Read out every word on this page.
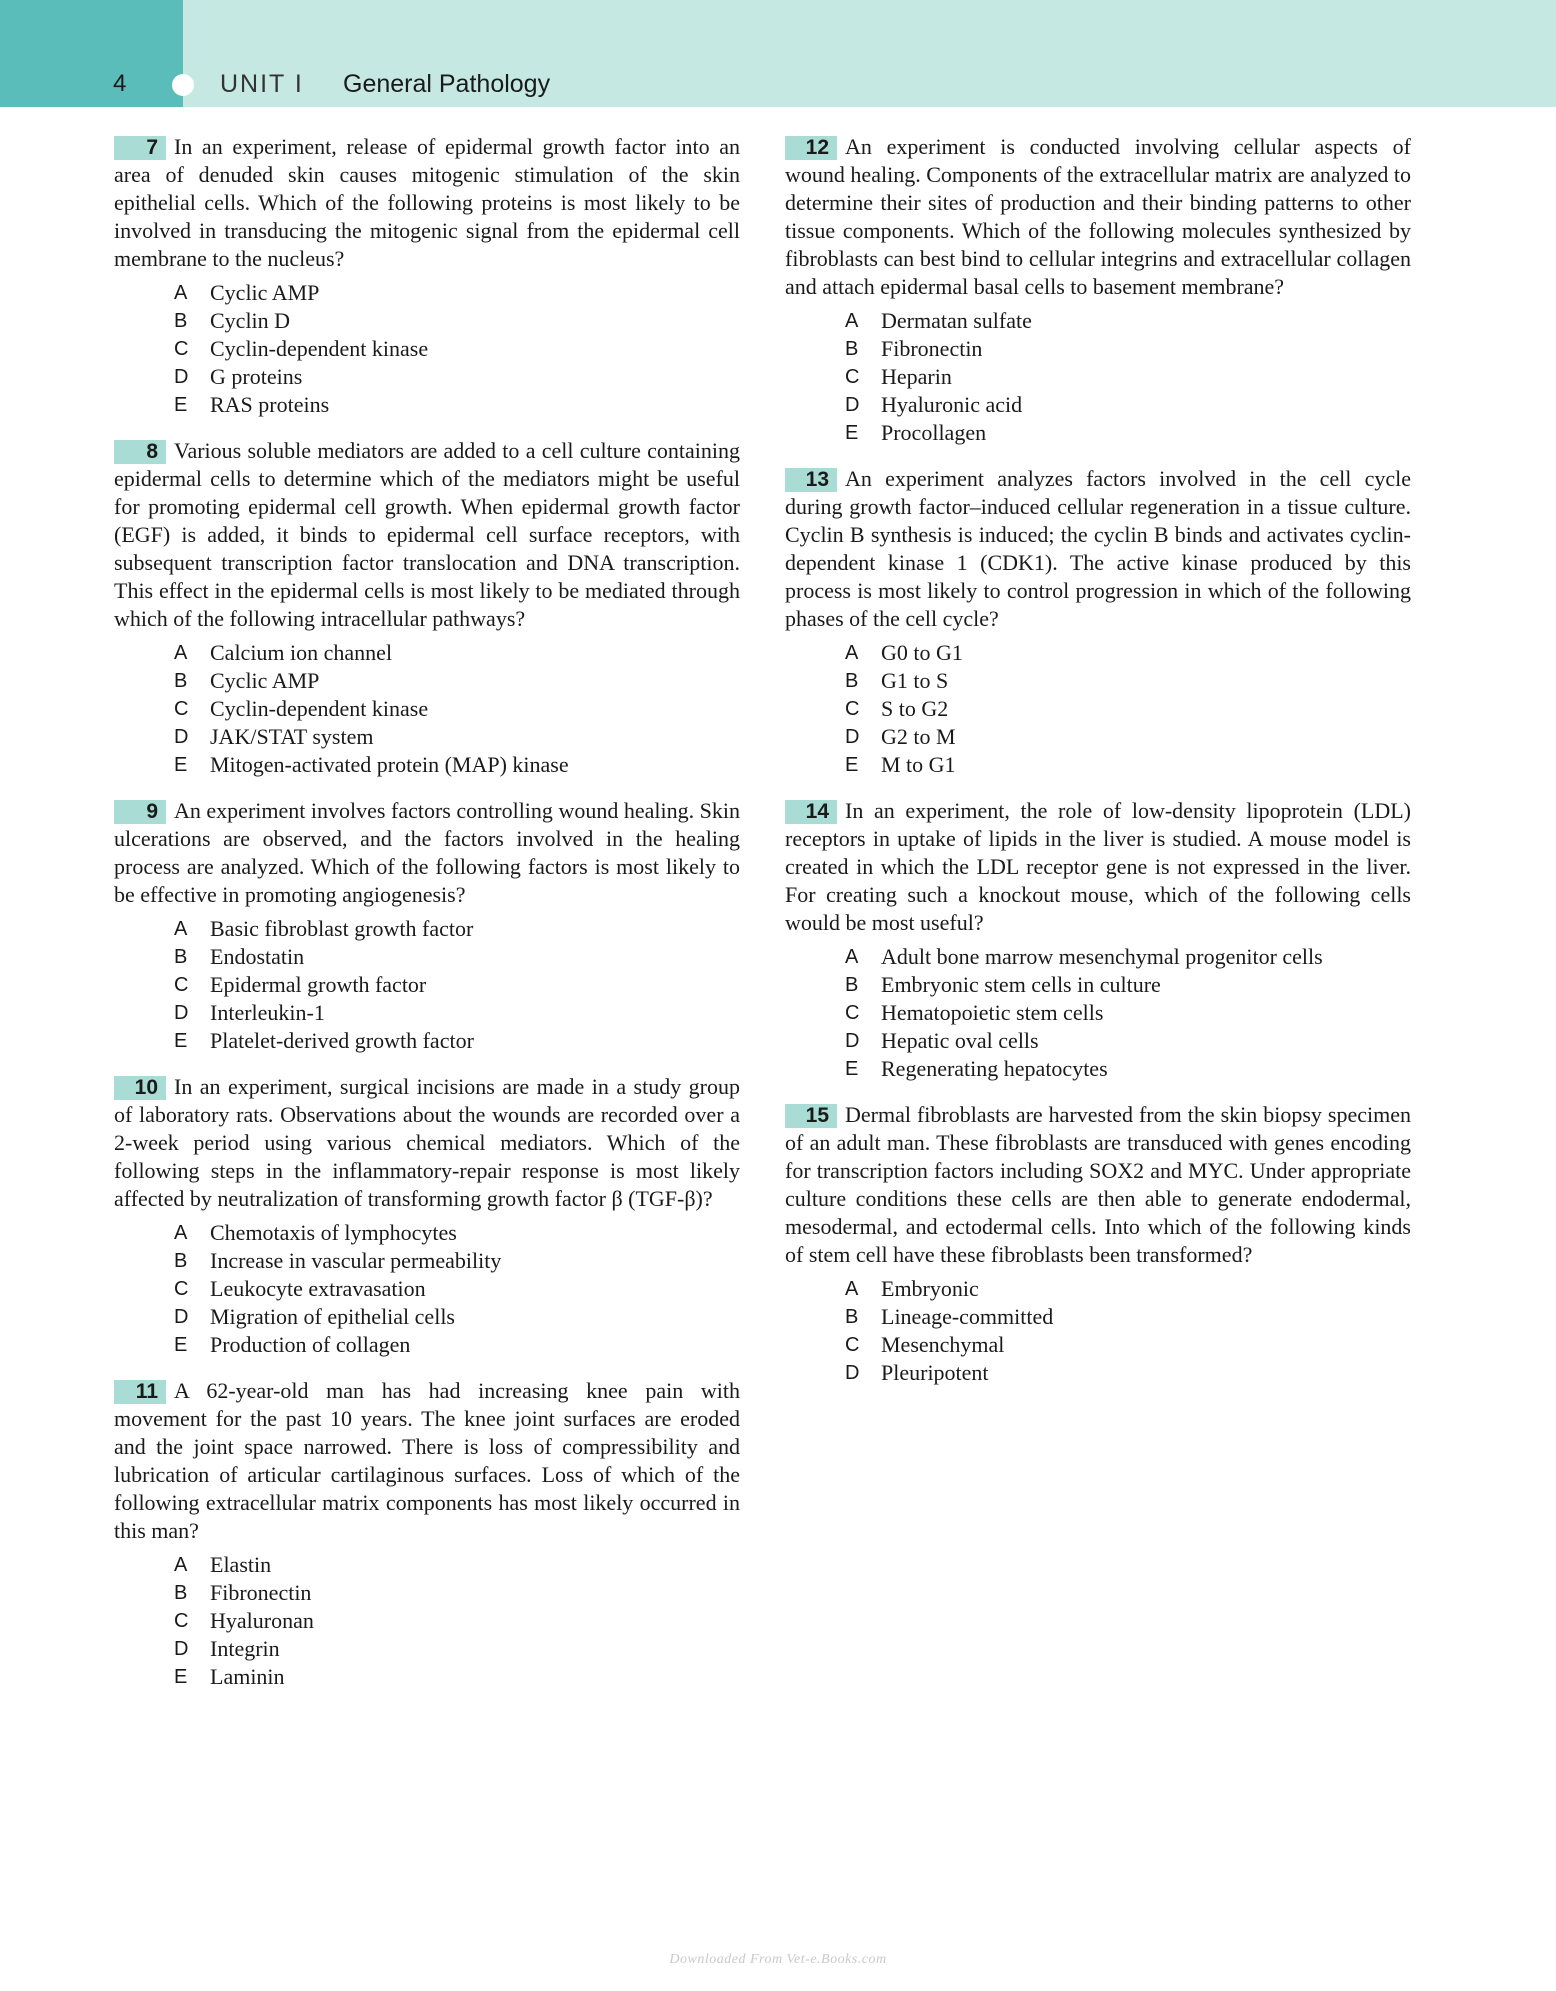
4	UNIT I General Pathology

7 In an experiment, release of epidermal growth factor into an area of denuded skin causes mitogenic stimulation of the skin epithelial cells. Which of the following proteins is most likely to be involved in transducing the mitogenic signal from the epidermal cell membrane to the nucleus?

A	Cyclic AMP
B	Cyclin D
C Cyclin-dependent kinase
D G proteins
E	RAS proteins

8 Various soluble mediators are added to a cell culture containing epidermal cells to determine which of the mediators might be useful for promoting epidermal cell growth. When epidermal growth factor (EGF) is added, it binds to epidermal cell surface receptors, with subsequent transcription factor translocation and DNA transcription. This effect in the epidermal cells is most likely to be mediated through which of the following intracellular pathways?

A	Calcium ion channel
B	Cyclic AMP
C Cyclin-dependent kinase
D JAK/STAT system
E	Mitogen-activated protein (MAP) kinase

9 An experiment involves factors controlling wound healing. Skin ulcerations are observed, and the factors involved in the healing process are analyzed. Which of the following factors is most likely to be effective in promoting angiogenesis?

A	Basic fibroblast growth factor
B	Endostatin
C Epidermal growth factor
D Interleukin-1
E	Platelet-derived growth factor

10 In an experiment, surgical incisions are made in a study group of laboratory rats. Observations about the wounds are recorded over a 2-week period using various chemical mediators. Which of the following steps in the inflammatory-repair response is most likely affected by neutralization of transforming growth factor β (TGF-β)?

A	Chemotaxis of lymphocytes
B	Increase in vascular permeability
C Leukocyte extravasation
D Migration of epithelial cells
E	Production of collagen

11 A 62-year-old man has had increasing knee pain with movement for the past 10 years. The knee joint surfaces are eroded and the joint space narrowed. There is loss of compressibility and lubrication of articular cartilaginous surfaces. Loss of which of the following extracellular matrix components has most likely occurred in this man?

A	Elastin
B	Fibronectin
C Hyaluronan
D Integrin
E	Laminin

12 An experiment is conducted involving cellular aspects of wound healing. Components of the extracellular matrix are analyzed to determine their sites of production and their binding patterns to other tissue components. Which of the following molecules synthesized by fibroblasts can best bind to cellular integrins and extracellular collagen and attach epidermal basal cells to basement membrane?

A	Dermatan sulfate
B	Fibronectin
C Heparin
D Hyaluronic acid
E	Procollagen

13 An experiment analyzes factors involved in the cell cycle during growth factor–induced cellular regeneration in a tissue culture. Cyclin B synthesis is induced; the cyclin B binds and activates cyclin-dependent kinase 1 (CDK1). The active kinase produced by this process is most likely to control progression in which of the following phases of the cell cycle?

A	G0 to G1
B	G1 to S
C S to G2
D G2 to M
E	M to G1

14 In an experiment, the role of low-density lipoprotein (LDL) receptors in uptake of lipids in the liver is studied. A mouse model is created in which the LDL receptor gene is not expressed in the liver. For creating such a knockout mouse, which of the following cells would be most useful?

A	Adult bone marrow mesenchymal progenitor cells
B	Embryonic stem cells in culture
C Hematopoietic stem cells
D Hepatic oval cells
E	Regenerating hepatocytes

15 Dermal fibroblasts are harvested from the skin biopsy specimen of an adult man. These fibroblasts are transduced with genes encoding for transcription factors including SOX2 and MYC. Under appropriate culture conditions these cells are then able to generate endodermal, mesodermal, and ectodermal cells. Into which of the following kinds of stem cell have these fibroblasts been transformed?

A	Embryonic
B	Lineage-committed
C Mesenchymal
D Pleuripotent
Downloaded From Vet-e.Books.com
